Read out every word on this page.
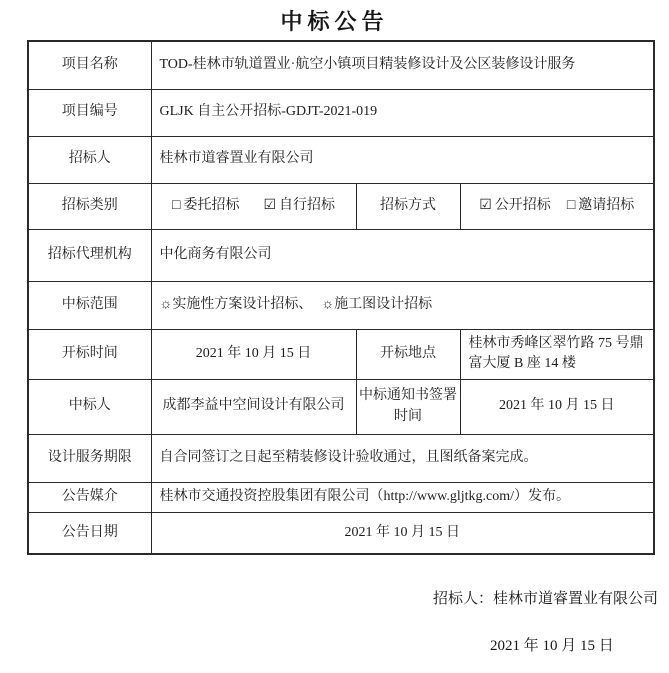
中标公告
项目名称	TOD-桂林市轨道置业·航空小镇项目精装修设计及公区装修设计服务		
项目编号	GLJK 自主公开招标-GDJT-2021-019		
招标人	桂林市道睿置业有限公司		
招标类别	□ 委托招标 ☑ 自行招标	招标方式	☑ 公开招标 □ 邀请招标

招标代理机构	中化商务有限公司		
中标范围	☼实施性方案设计招标、 ☼施工图设计招标		
开标时间	2021 年 10 月 15 日	开标地点	桂林市秀峰区翠竹路 75 号鼎富大厦 B 座 14 楼
中标人	成都李益中空间设计有限公司	中标通知书签署时间	2021 年 10 月 15 日
设计服务期限	自合同签订之日起至精装修设计验收通过，且图纸备案完成。		
公告媒介	桂林市交通投资控股集团有限公司（http://www.gljtkg.com/）发布。		
公告日期	2021 年 10 月 15 日		
招标人：桂林市道睿置业有限公司
2021 年 10 月 15 日
